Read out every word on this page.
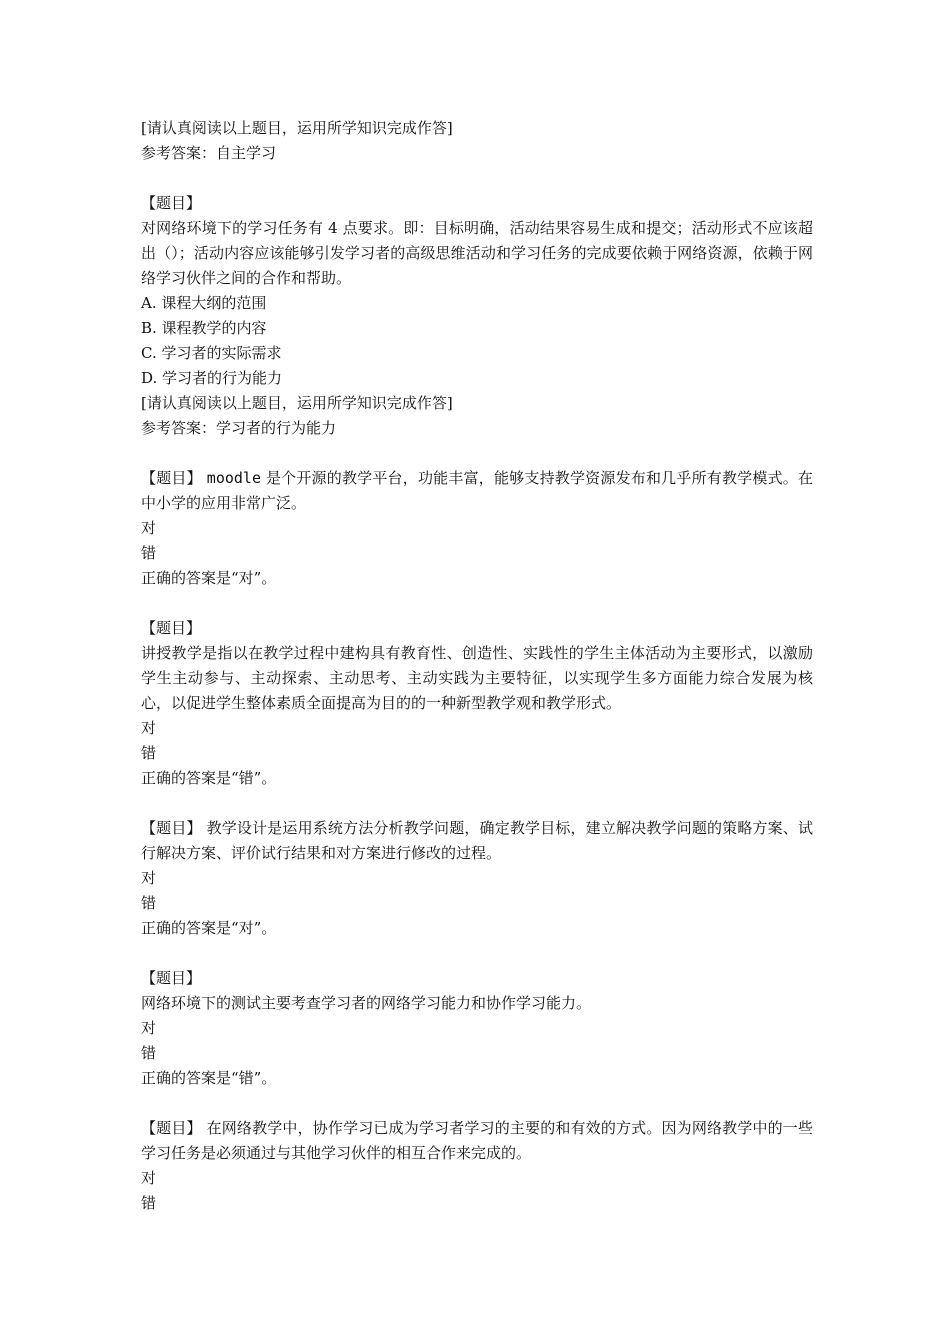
[请认真阅读以上题目，运用所学知识完成作答]
参考答案：自主学习
【题目】
对网络环境下的学习任务有 4 点要求。即：目标明确，活动结果容易生成和提交；活动形式不应该超出（）；活动内容应该能够引发学习者的高级思维活动和学习任务的完成要依赖于网络资源，依赖于网络学习伙伴之间的合作和帮助。
A. 课程大纲的范围
B. 课程教学的内容
C. 学习者的实际需求
D. 学习者的行为能力
[请认真阅读以上题目，运用所学知识完成作答]
参考答案：学习者的行为能力
【题目】 moodle 是个开源的教学平台，功能丰富，能够支持教学资源发布和几乎所有教学模式。在中小学的应用非常广泛。
对
错
正确的答案是“对”。
【题目】
讲授教学是指以在教学过程中建构具有教育性、创造性、实践性的学生主体活动为主要形式，以激励学生主动参与、主动探索、主动思考、主动实践为主要特征，以实现学生多方面能力综合发展为核心，以促进学生整体素质全面提高为目的的一种新型教学观和教学形式。
对
错
正确的答案是“错”。
【题目】 教学设计是运用系统方法分析教学问题，确定教学目标，建立解决教学问题的策略方案、试行解决方案、评价试行结果和对方案进行修改的过程。
对
错
正确的答案是“对”。
【题目】
网络环境下的测试主要考查学习者的网络学习能力和协作学习能力。
对
错
正确的答案是“错”。
【题目】 在网络教学中，协作学习已成为学习者学习的主要的和有效的方式。因为网络教学中的一些学习任务是必须通过与其他学习伙伴的相互合作来完成的。
对
错
